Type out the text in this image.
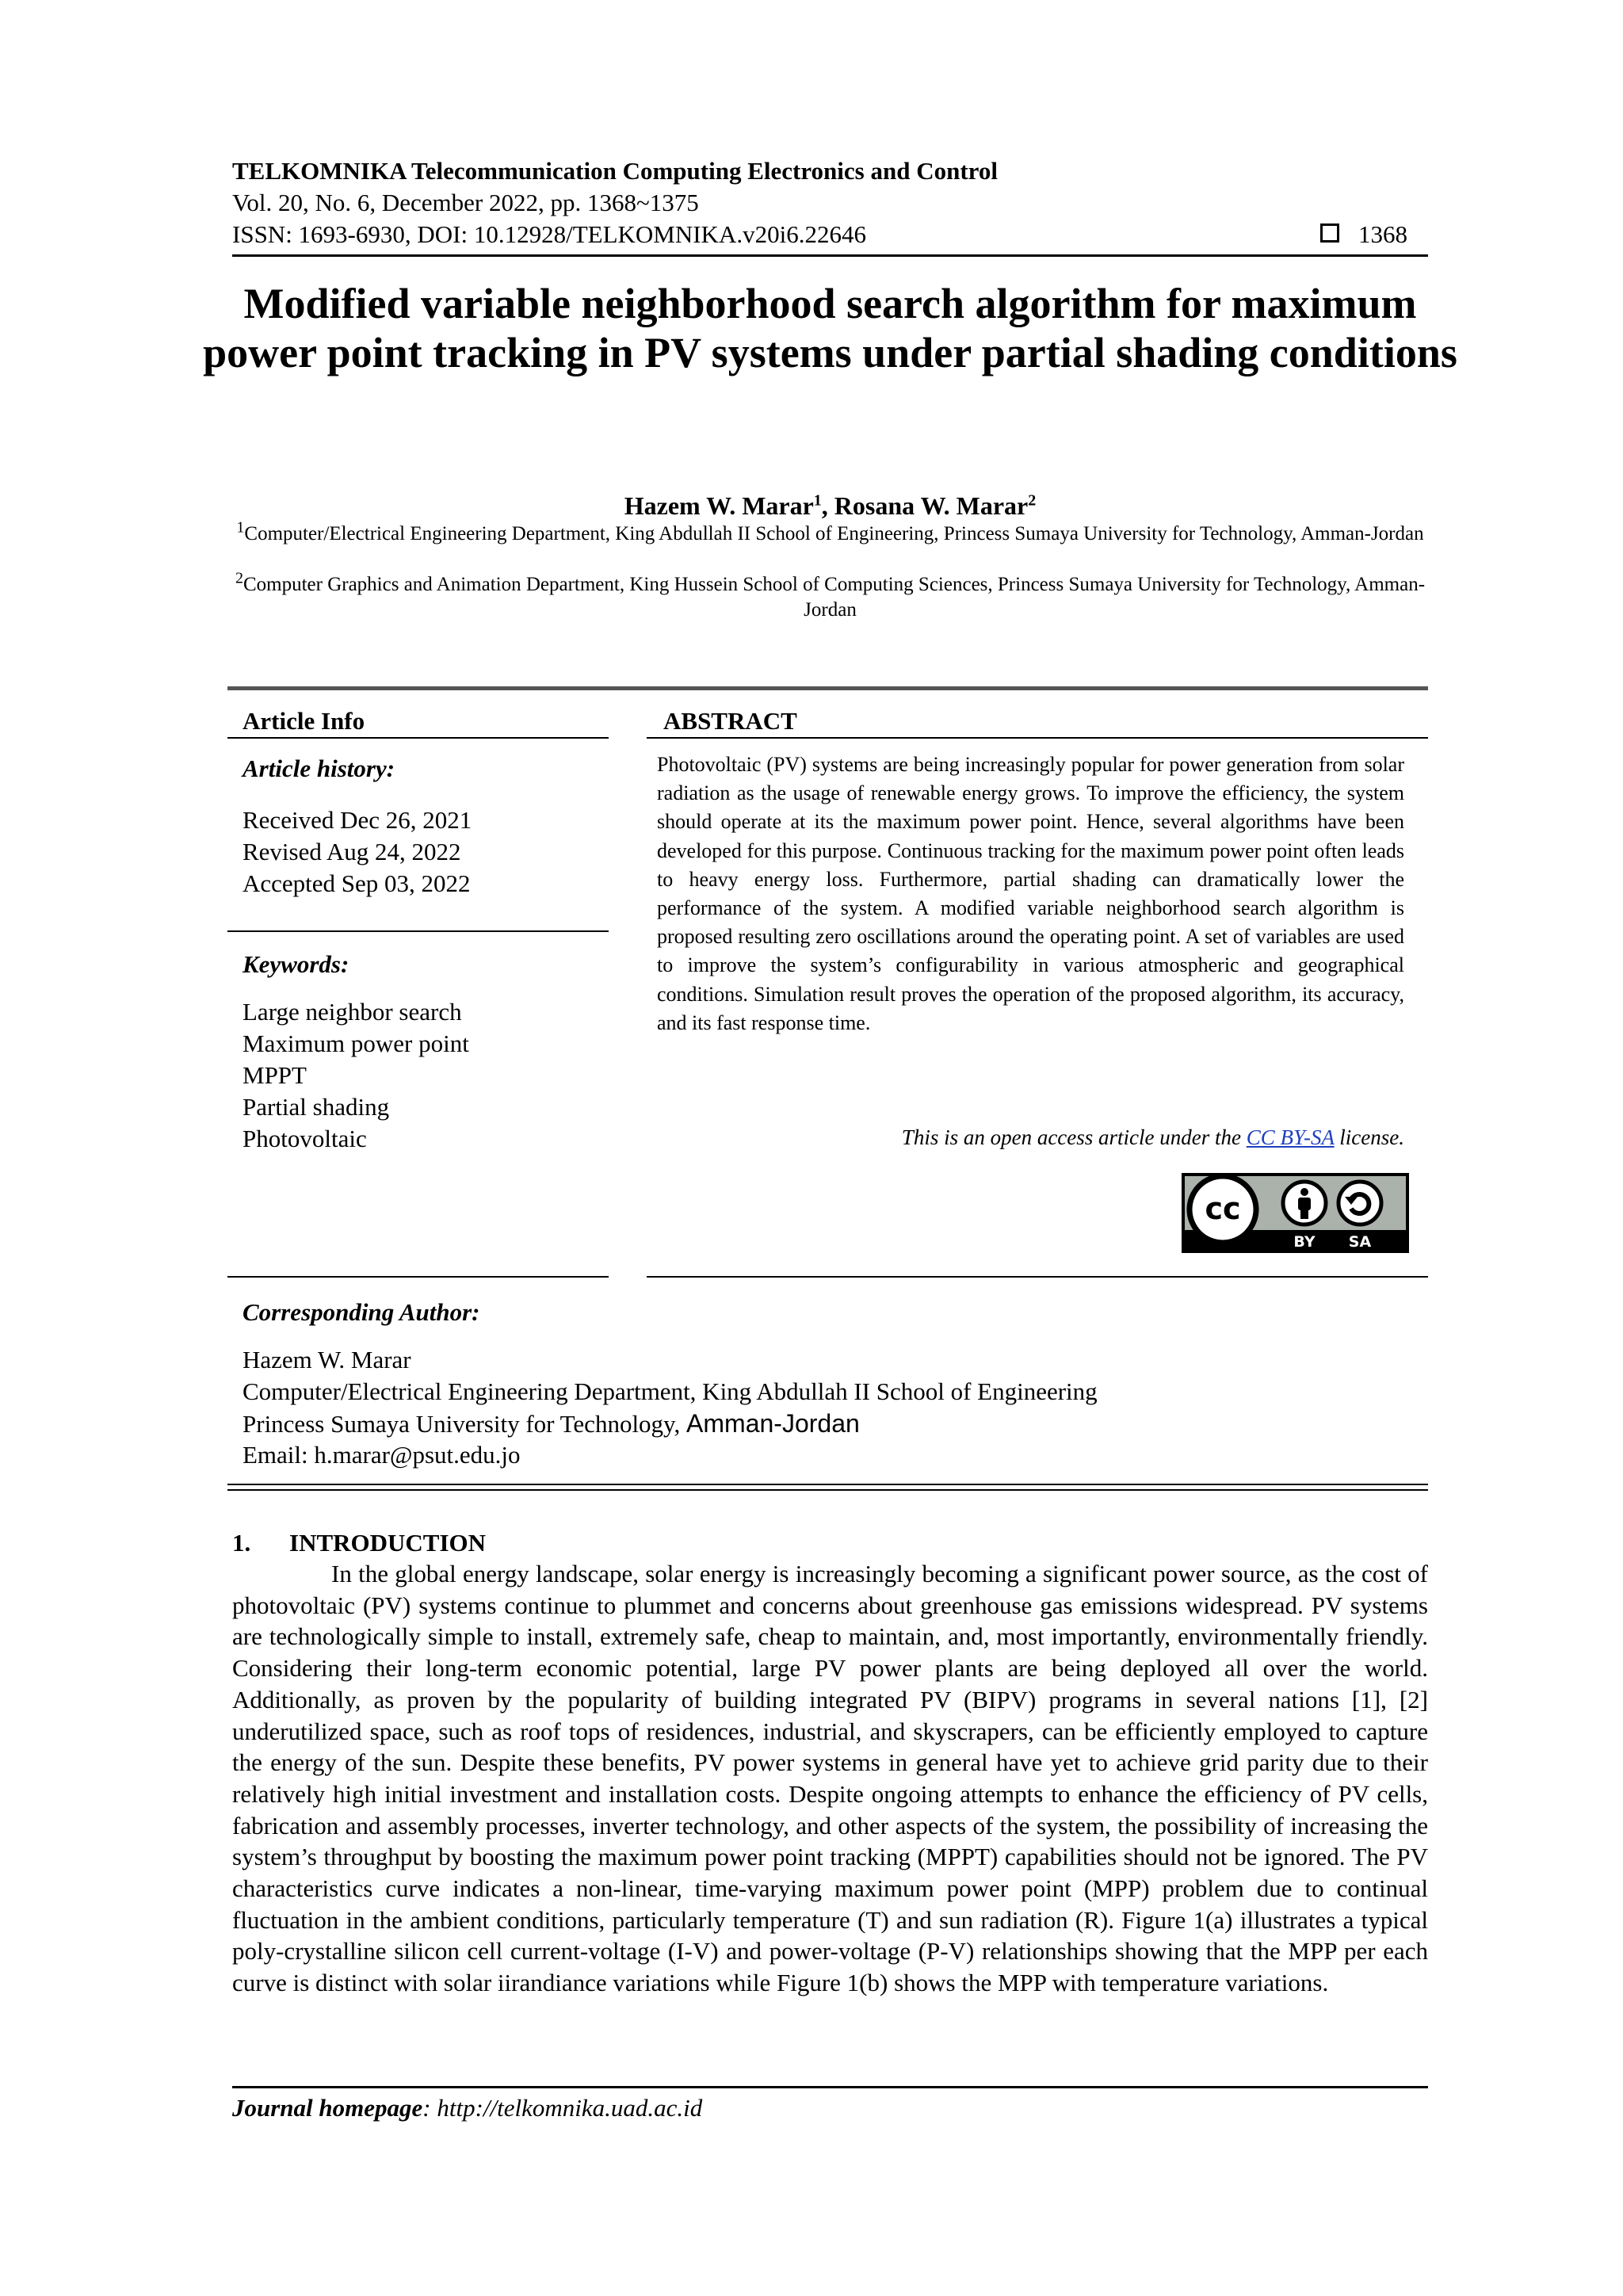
TELKOMNIKA Telecommunication Computing Electronics and Control
Vol. 20, No. 6, December 2022, pp. 1368~1375
ISSN: 1693-6930, DOI: 10.12928/TELKOMNIKA.v20i6.22646	1368
Modified variable neighborhood search algorithm for maximum power point tracking in PV systems under partial shading conditions
Hazem W. Marar$^1$, Rosana W. Marar$^2$
$^1$Computer/Electrical Engineering Department, King Abdullah II School of Engineering, Princess Sumaya University for Technology, Amman-Jordan
$^2$Computer Graphics and Animation Department, King Hussein School of Computing Sciences, Princess Sumaya University for Technology, Amman-Jordan
Article Info
Article history:
Received Dec 26, 2021
Revised Aug 24, 2022
Accepted Sep 03, 2022
Keywords:
Large neighbor search
Maximum power point
MPPT
Partial shading
Photovoltaic
ABSTRACT
Photovoltaic (PV) systems are being increasingly popular for power generation from solar radiation as the usage of renewable energy grows. To improve the efficiency, the system should operate at its the maximum power point. Hence, several algorithms have been developed for this purpose. Continuous tracking for the maximum power point often leads to heavy energy loss. Furthermore, partial shading can dramatically lower the performance of the system. A modified variable neighborhood search algorithm is proposed resulting zero oscillations around the operating point. A set of variables are used to improve the system’s configurability in various atmospheric and geographical conditions. Simulation result proves the operation of the proposed algorithm, its accuracy, and its fast response time.
This is an open access article under the CC BY-SA license.
cc
BY SA
Corresponding Author:
Hazem W. Marar
Computer/Electrical Engineering Department, King Abdullah II School of Engineering
Princess Sumaya University for Technology, Amman-Jordan
Email: h.marar@psut.edu.jo
1. INTRODUCTION
In the global energy landscape, solar energy is increasingly becoming a significant power source, as the cost of photovoltaic (PV) systems continue to plummet and concerns about greenhouse gas emissions widespread. PV systems are technologically simple to install, extremely safe, cheap to maintain, and, most importantly, environmentally friendly. Considering their long-term economic potential, large PV power plants are being deployed all over the world. Additionally, as proven by the popularity of building integrated PV (BIPV) programs in several nations [1], [2] underutilized space, such as roof tops of residences, industrial, and skyscrapers, can be efficiently employed to capture the energy of the sun. Despite these benefits, PV power systems in general have yet to achieve grid parity due to their relatively high initial investment and installation costs. Despite ongoing attempts to enhance the efficiency of PV cells, fabrication and assembly processes, inverter technology, and other aspects of the system, the possibility of increasing the system’s throughput by boosting the maximum power point tracking (MPPT) capabilities should not be ignored. The PV characteristics curve indicates a non-linear, time-varying maximum power point (MPP) problem due to continual fluctuation in the ambient conditions, particularly temperature (T) and sun radiation (R). Figure 1(a) illustrates a typical poly-crystalline silicon cell current-voltage (I-V) and power-voltage (P-V) relationships showing that the MPP per each curve is distinct with solar iirandiance variations while Figure 1(b) shows the MPP with temperature variations.
Journal homepage: http://telkomnika.uad.ac.id
